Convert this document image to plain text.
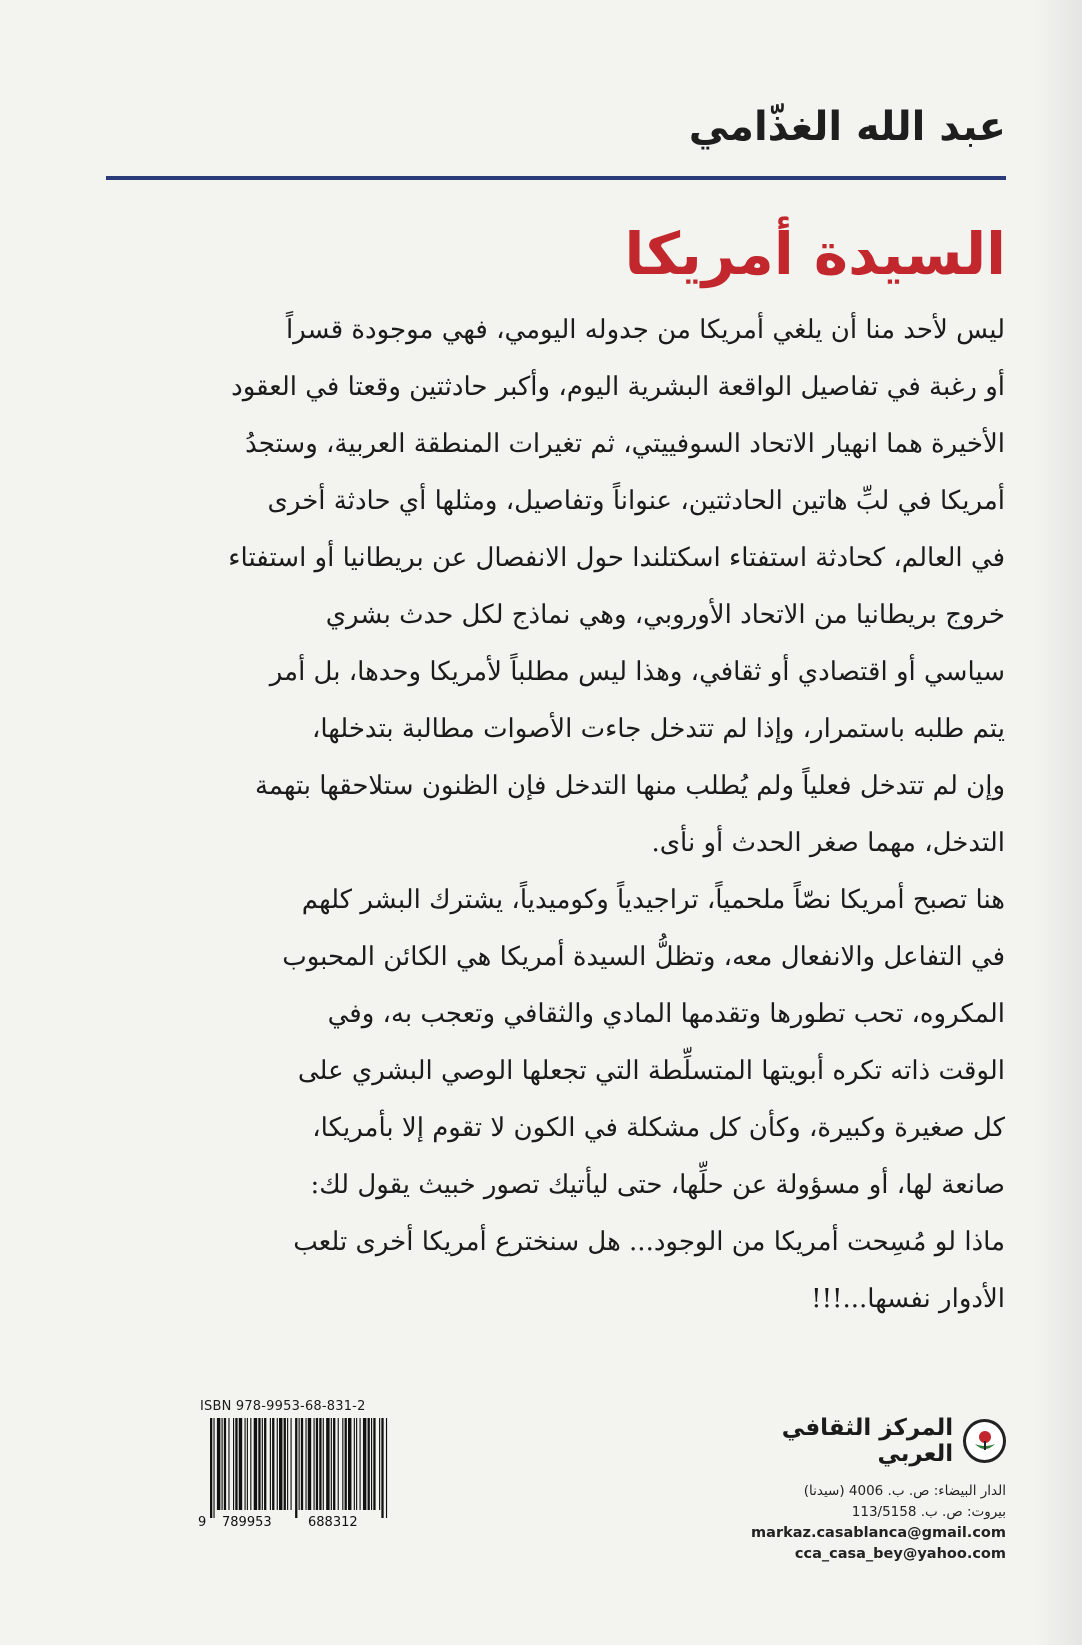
عبد الله الغذّامي
السيدة أمريكا

ليس لأحد منا أن يلغي أمريكا من جدوله اليومي، فهي موجودة قسراً
أو رغبة في تفاصيل الواقعة البشرية اليوم، وأكبر حادثتين وقعتا في العقود
الأخيرة هما انهيار الاتحاد السوفييتي، ثم تغيرات المنطقة العربية، وستجدُ
أمريكا في لبِّ هاتين الحادثتين، عنواناً وتفاصيل، ومثلها أي حادثة أخرى
في العالم، كحادثة استفتاء اسكتلندا حول الانفصال عن بريطانيا أو استفتاء
خروج بريطانيا من الاتحاد الأوروبي، وهي نماذج لكل حدث بشري
سياسي أو اقتصادي أو ثقافي، وهذا ليس مطلباً لأمريكا وحدها، بل أمر
يتم طلبه باستمرار، وإذا لم تتدخل جاءت الأصوات مطالبة بتدخلها،
وإن لم تتدخل فعلياً ولم يُطلب منها التدخل فإن الظنون ستلاحقها بتهمة
التدخل، مهما صغر الحدث أو نأى.

هنا تصبح أمريكا نصّاً ملحمياً، تراجيدياً وكوميدياً، يشترك البشر كلهم
في التفاعل والانفعال معه، وتظلُّ السيدة أمريكا هي الكائن المحبوب
المكروه، تحب تطورها وتقدمها المادي والثقافي وتعجب به، وفي
الوقت ذاته تكره أبويتها المتسلِّطة التي تجعلها الوصي البشري على
كل صغيرة وكبيرة، وكأن كل مشكلة في الكون لا تقوم إلا بأمريكا،
صانعة لها، أو مسؤولة عن حلِّها، حتى ليأتيك تصور خبيث يقول لك:
ماذا لو مُسِحت أمريكا من الوجود... هل سنخترع أمريكا أخرى تلعب
الأدوار نفسها...!!!

ISBN 978-9953-68-831-2
9 789953	688312
المركز الثقافي العربي
الدار البيضاء: ص. ب. 4006 (سيدنا)
بيروت: ص. ب. 113/5158
markaz.casablanca@gmail.com
cca_casa_bey@yahoo.com
